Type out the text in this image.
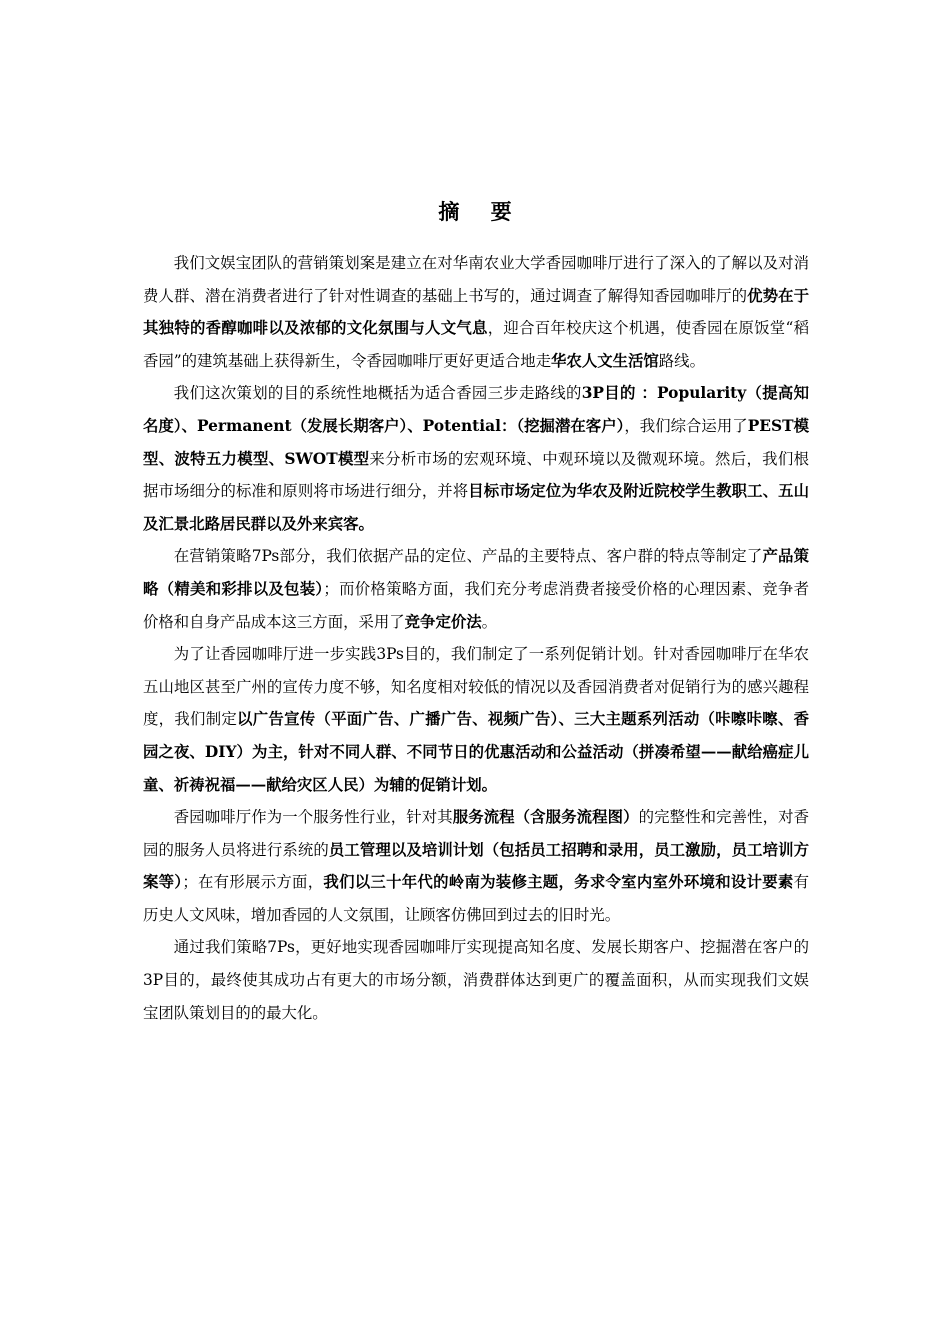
摘 要

我们文娱宝团队的营销策划案是建立在对华南农业大学香园咖啡厅进行了深入的了解以及对消费人群、潜在消费者进行了针对性调查的基础上书写的，通过调查了解得知香园咖啡厅的优势在于其独特的香醇咖啡以及浓郁的文化氛围与人文气息，迎合百年校庆这个机遇，使香园在原饭堂“稻香园”的建筑基础上获得新生，令香园咖啡厅更好更适合地走华农人文生活馆路线。

我们这次策划的目的系统性地概括为适合香园三步走路线的3P目的 ：Popularity（提高知名度）、Permanent（发展长期客户）、Potential：（挖掘潜在客户），我们综合运用了PEST模型、波特五力模型、SWOT模型来分析市场的宏观环境、中观环境以及微观环境。然后，我们根据市场细分的标准和原则将市场进行细分，并将目标市场定位为华农及附近院校学生教职工、五山及汇景北路居民群以及外来宾客。

在营销策略7Ps部分，我们依据产品的定位、产品的主要特点、客户群的特点等制定了产品策略（精美和彩排以及包装）；而价格策略方面，我们充分考虑消费者接受价格的心理因素、竞争者价格和自身产品成本这三方面，采用了竞争定价法。

为了让香园咖啡厅进一步实践3Ps目的，我们制定了一系列促销计划。针对香园咖啡厅在华农五山地区甚至广州的宣传力度不够，知名度相对较低的情况以及香园消费者对促销行为的感兴趣程度，我们制定以广告宣传（平面广告、广播广告、视频广告）、三大主题系列活动（咔嚓咔嚓、香园之夜、DIY）为主，针对不同人群、不同节日的优惠活动和公益活动（拼凑希望——献给癌症儿童、祈祷祝福——献给灾区人民）为辅的促销计划。

香园咖啡厅作为一个服务性行业，针对其服务流程（含服务流程图）的完整性和完善性，对香园的服务人员将进行系统的员工管理以及培训计划（包括员工招聘和录用，员工激励，员工培训方案等）；在有形展示方面，我们以三十年代的岭南为装修主题，务求令室内室外环境和设计要素有历史人文风味，增加香园的人文氛围，让顾客仿佛回到过去的旧时光。

通过我们策略7Ps，更好地实现香园咖啡厅实现提高知名度、发展长期客户、挖掘潜在客户的3P目的，最终使其成功占有更大的市场分额，消费群体达到更广的覆盖面积，从而实现我们文娱宝团队策划目的的最大化。
